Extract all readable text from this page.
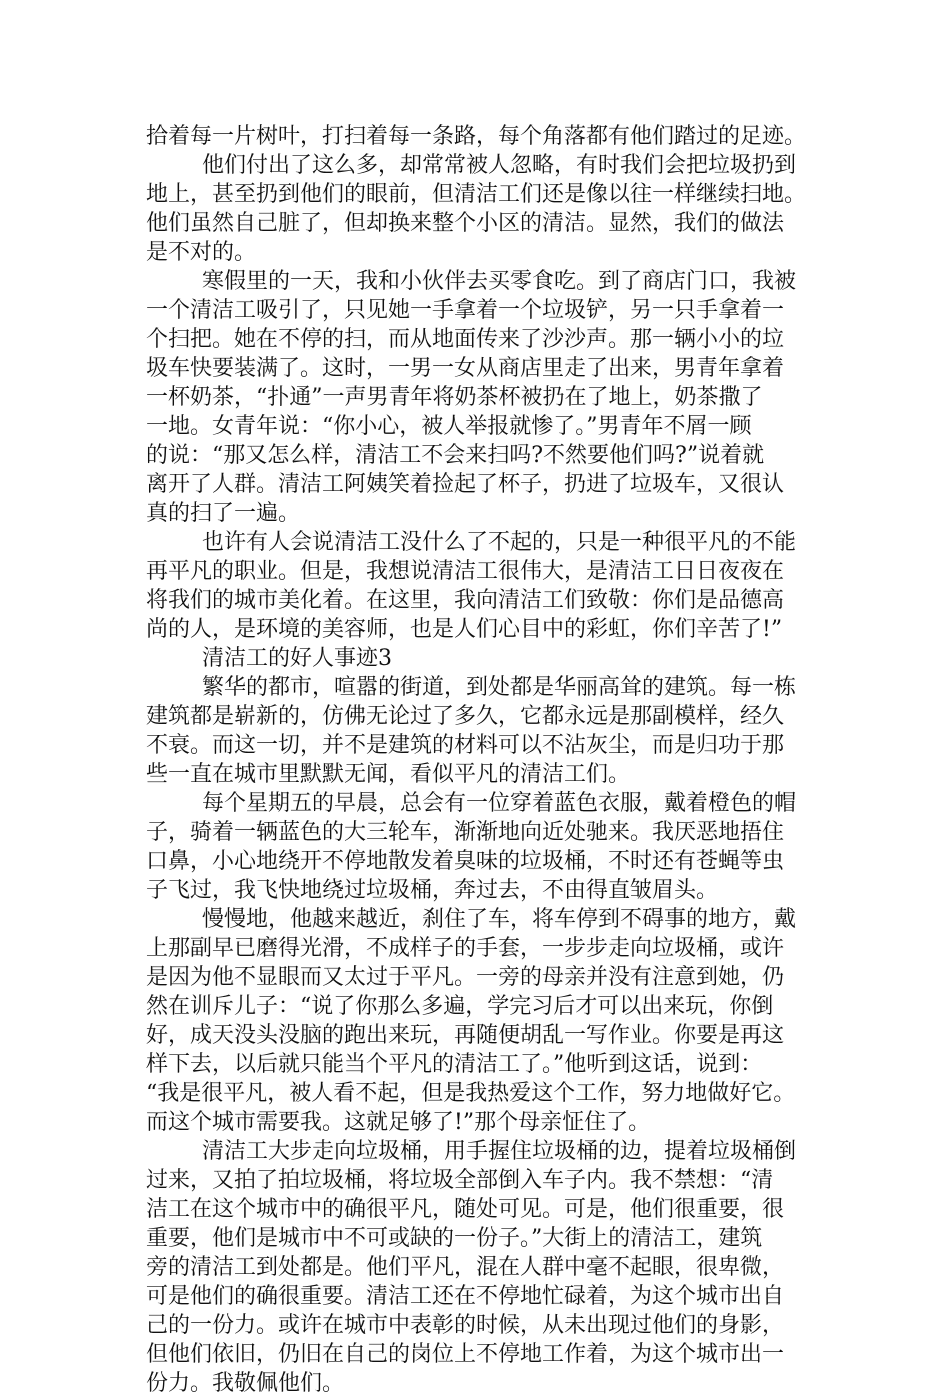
拾着每一片树叶，打扫着每一条路，每个角落都有他们踏过的足迹。
他们付出了这么多，却常常被人忽略，有时我们会把垃圾扔到
地上，甚至扔到他们的眼前，但清洁工们还是像以往一样继续扫地。
他们虽然自己脏了，但却换来整个小区的清洁。显然，我们的做法
是不对的。
寒假里的一天，我和小伙伴去买零食吃。到了商店门口，我被
一个清洁工吸引了，只见她一手拿着一个垃圾铲，另一只手拿着一
个扫把。她在不停的扫，而从地面传来了沙沙声。那一辆小小的垃
圾车快要装满了。这时，一男一女从商店里走了出来，男青年拿着
一杯奶茶，“扑通”一声男青年将奶茶杯被扔在了地上，奶茶撒了
一地。女青年说：“你小心，被人举报就惨了。”男青年不屑一顾
的说：“那又怎么样，清洁工不会来扫吗?不然要他们吗?”说着就
离开了人群。清洁工阿姨笑着捡起了杯子，扔进了垃圾车，又很认
真的扫了一遍。
也许有人会说清洁工没什么了不起的，只是一种很平凡的不能
再平凡的职业。但是，我想说清洁工很伟大，是清洁工日日夜夜在
将我们的城市美化着。在这里，我向清洁工们致敬：你们是品德高
尚的人，是环境的美容师，也是人们心目中的彩虹，你们辛苦了!”
清洁工的好人事迹3
繁华的都市，喧嚣的街道，到处都是华丽高耸的建筑。每一栋
建筑都是崭新的，仿佛无论过了多久，它都永远是那副模样，经久
不衰。而这一切，并不是建筑的材料可以不沾灰尘，而是归功于那
些一直在城市里默默无闻，看似平凡的清洁工们。
每个星期五的早晨，总会有一位穿着蓝色衣服，戴着橙色的帽
子，骑着一辆蓝色的大三轮车，渐渐地向近处驰来。我厌恶地捂住
口鼻，小心地绕开不停地散发着臭味的垃圾桶，不时还有苍蝇等虫
子飞过，我飞快地绕过垃圾桶，奔过去，不由得直皱眉头。
慢慢地，他越来越近，刹住了车，将车停到不碍事的地方，戴
上那副早已磨得光滑，不成样子的手套，一步步走向垃圾桶，或许
是因为他不显眼而又太过于平凡。一旁的母亲并没有注意到她，仍
然在训斥儿子：“说了你那么多遍，学完习后才可以出来玩，你倒
好，成天没头没脑的跑出来玩，再随便胡乱一写作业。你要是再这
样下去，以后就只能当个平凡的清洁工了。”他听到这话，说到：
“我是很平凡，被人看不起，但是我热爱这个工作，努力地做好它。
而这个城市需要我。这就足够了!”那个母亲怔住了。
清洁工大步走向垃圾桶，用手握住垃圾桶的边，提着垃圾桶倒
过来，又拍了拍垃圾桶，将垃圾全部倒入车子内。我不禁想：“清
洁工在这个城市中的确很平凡，随处可见。可是，他们很重要，很
重要，他们是城市中不可或缺的一份子。”大街上的清洁工，建筑
旁的清洁工到处都是。他们平凡，混在人群中毫不起眼，很卑微，
可是他们的确很重要。清洁工还在不停地忙碌着，为这个城市出自
己的一份力。或许在城市中表彰的时候，从未出现过他们的身影，
但他们依旧，仍旧在自己的岗位上不停地工作着，为这个城市出一
份力。我敬佩他们。
